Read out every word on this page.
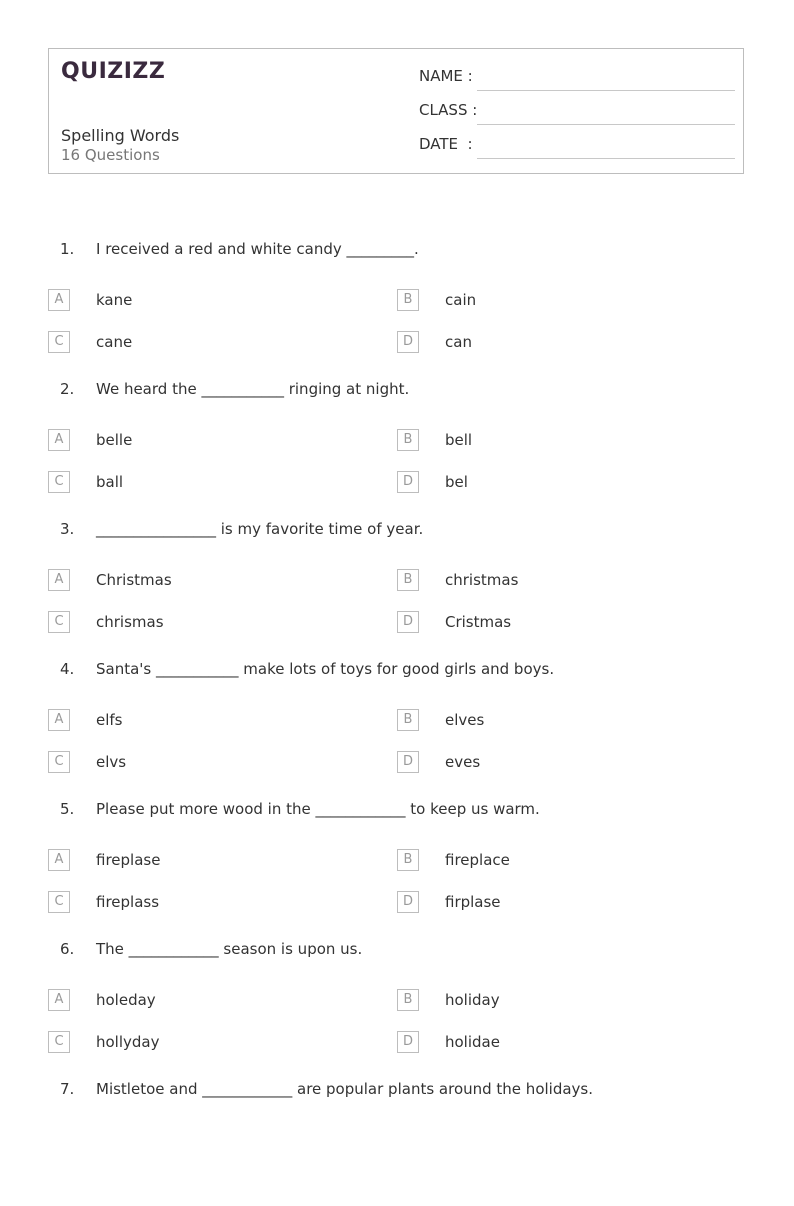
QUIZIZZ
Spelling Words
16 Questions
NAME :
CLASS :
DATE  :
1. I received a red and white candy _________.
A	kane	B	cain
C	cane	D	can
2. We heard the ___________ ringing at night.
A	belle	B	bell
C	ball	D	bel
3. ________________ is my favorite time of year.
A	Christmas	B	christmas
C	chrismas	D	Cristmas
4. Santa's ___________ make lots of toys for good girls and boys.
A	elfs	B	elves
C	elvs	D	eves
5. Please put more wood in the ____________ to keep us warm.
A	fireplase	B	fireplace
C	fireplass	D	firplase
6. The ____________ season is upon us.
A	holeday	B	holiday
C	hollyday	D	holidae
7. Mistletoe and ____________ are popular plants around the holidays.
